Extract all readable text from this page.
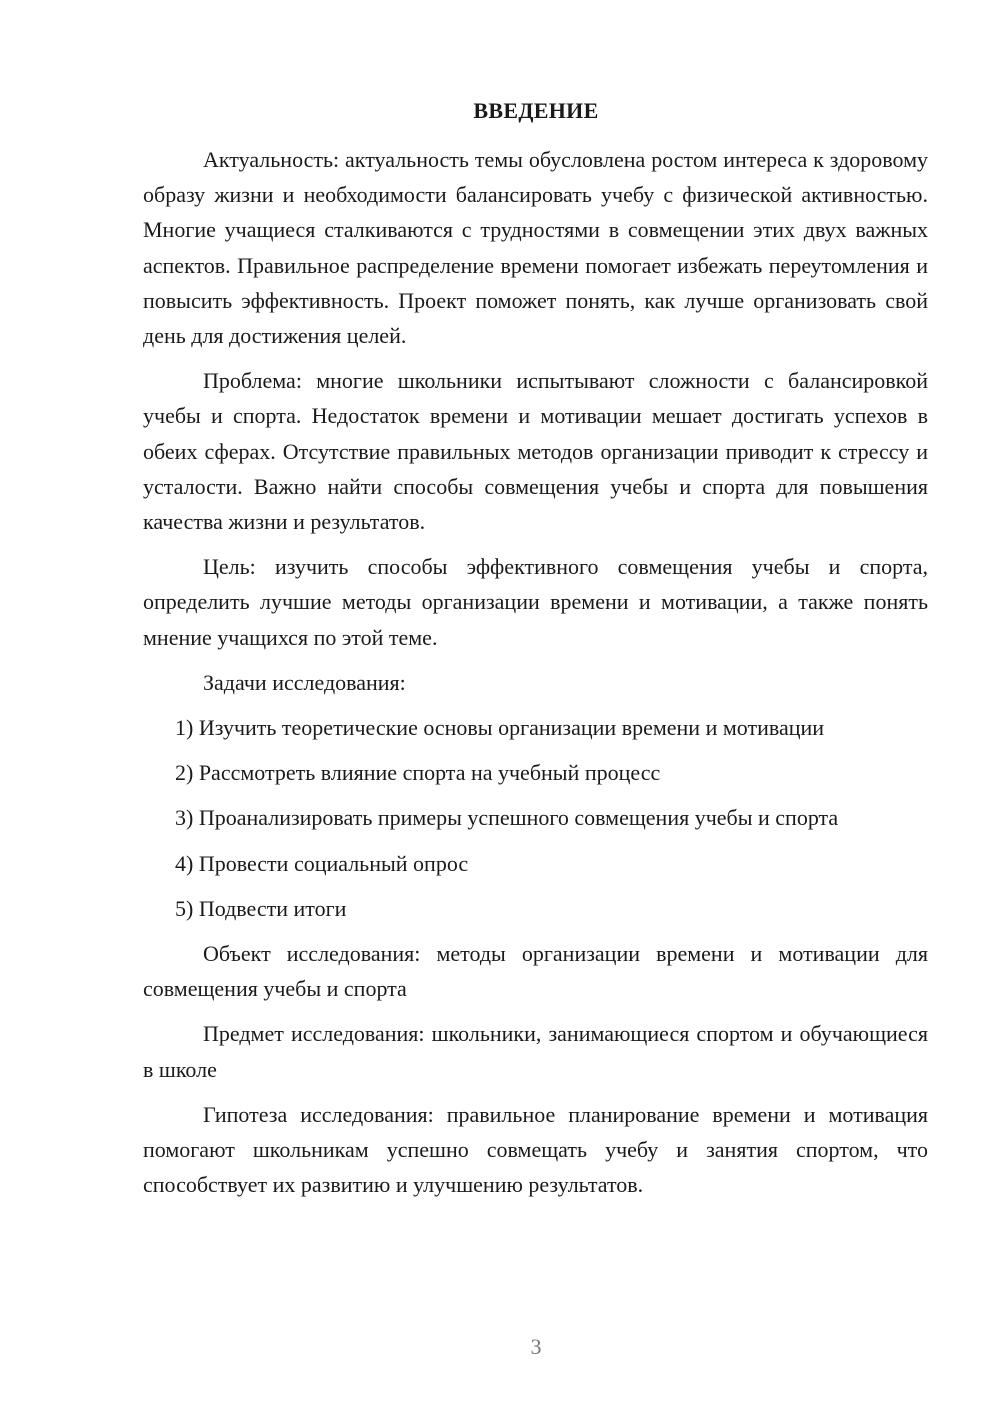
ВВЕДЕНИЕ

Актуальность: актуальность темы обусловлена ростом интереса к здоровому образу жизни и необходимости балансировать учебу с физической активностью. Многие учащиеся сталкиваются с трудностями в совмещении этих двух важных аспектов. Правильное распределение времени помогает избежать переутомления и повысить эффективность. Проект поможет понять, как лучше организовать свой день для достижения целей.

Проблема: многие школьники испытывают сложности с балансировкой учебы и спорта. Недостаток времени и мотивации мешает достигать успехов в обеих сферах. Отсутствие правильных методов организации приводит к стрессу и усталости. Важно найти способы совмещения учебы и спорта для повышения качества жизни и результатов.

Цель: изучить способы эффективного совмещения учебы и спорта, определить лучшие методы организации времени и мотивации, а также понять мнение учащихся по этой теме.

Задачи исследования:

1) Изучить теоретические основы организации времени и мотивации
2) Рассмотреть влияние спорта на учебный процесс
3) Проанализировать примеры успешного совмещения учебы и спорта
4) Провести социальный опрос
5) Подвести итоги

Объект исследования: методы организации времени и мотивации для совмещения учебы и спорта

Предмет исследования: школьники, занимающиеся спортом и обучающиеся в школе

Гипотеза исследования: правильное планирование времени и мотивация помогают школьникам успешно совмещать учебу и занятия спортом, что способствует их развитию и улучшению результатов.

3
